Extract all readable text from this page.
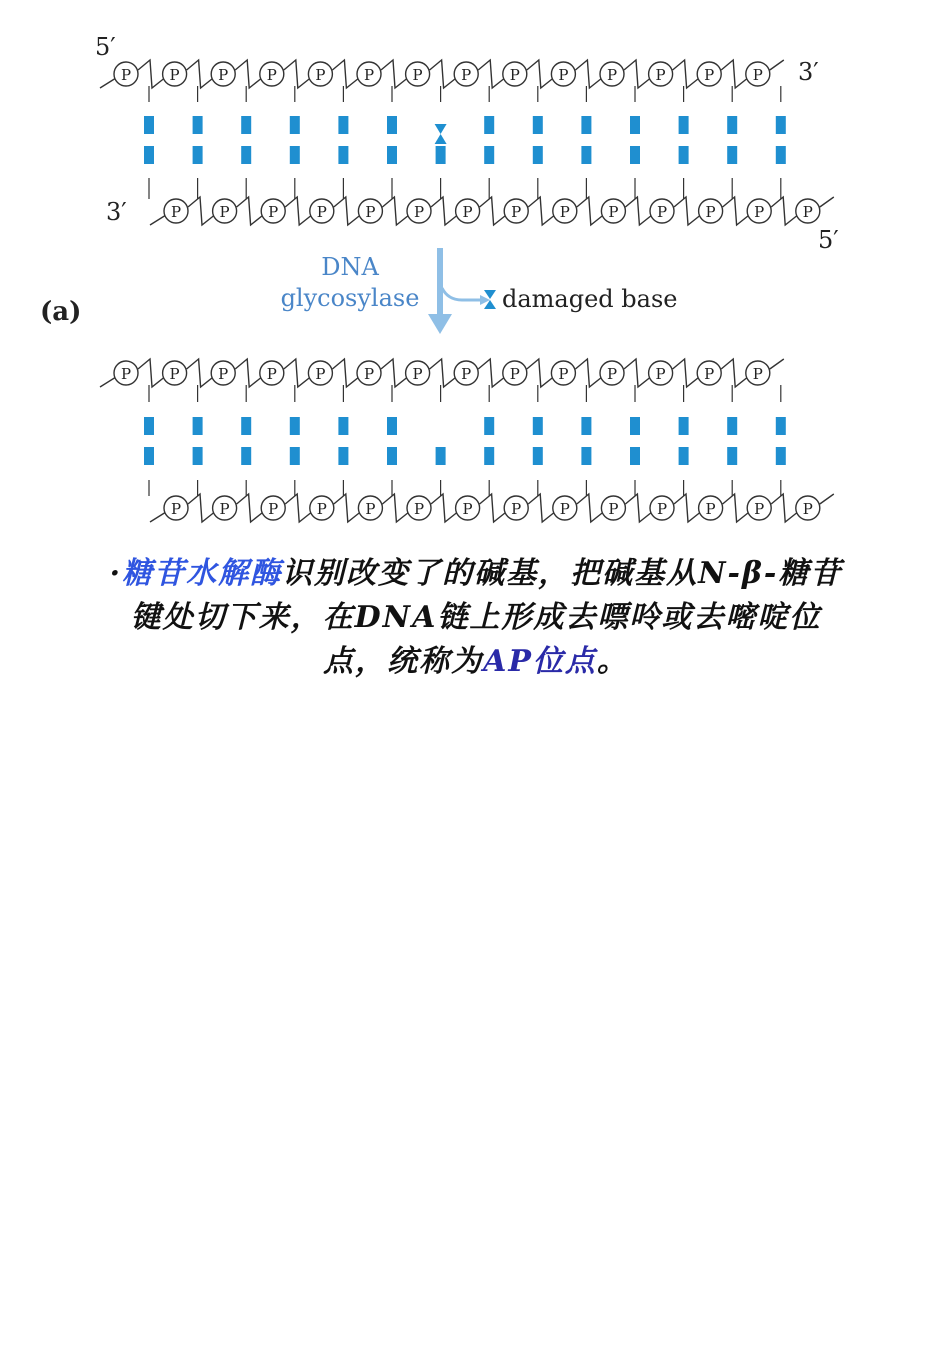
P	P	P	P	P	P	P	P	P	P	P	P	P	P
P	P	P	P	P	P	P	P	P	P	P	P	P	P
P	P	P	P	P	P	P	P	P	P	P	P	P	P
P	P	P	P	P	P	P	P	P	P	P	P	P	P
5′
3′
3′
5′
DNA
glycosylase	damaged base
(a)
·糖苷水解酶识别改变了的碱基，把碱基从N-β-糖苷键处切下来，在DNA链上形成去嘌呤或去嘧啶位点，统称为AP位点。
